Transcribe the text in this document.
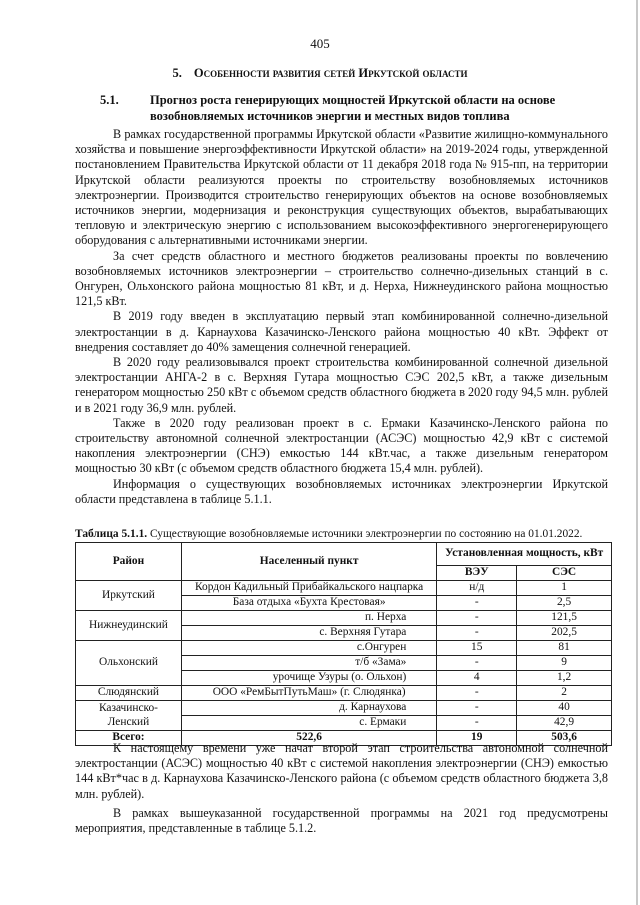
405
5. Особенности развития сетей Иркутской области
5.1.	Прогноз роста генерирующих мощностей Иркутской области на основе
возобновляемых источников энергии и местных видов топлива

В рамках государственной программы Иркутской области «Развитие жилищно-коммунального хозяйства и повышение энергоэффективности Иркутской области» на 2019-2024 годы, утвержденной постановлением Правительства Иркутской области от 11 декабря 2018 года № 915-пп, на территории Иркутской области реализуются проекты по строительству возобновляемых источников электроэнергии. Производится строительство генерирующих объектов на основе возобновляемых источников энергии, модернизация и реконструкция существующих объектов, вырабатывающих тепловую и электрическую энергию с использованием высокоэффективного энергогенерирующего оборудования с альтернативными источниками энергии.

За счет средств областного и местного бюджетов реализованы проекты по вовлечению возобновляемых источников электроэнергии – строительство солнечно-дизельных станций в с. Онгурен, Ольхонского района мощностью 81 кВт, и д. Нерха, Нижнеудинского района мощностью 121,5 кВт.

В 2019 году введен в эксплуатацию первый этап комбинированной солнечно-дизельной электростанции в д. Карнаухова Казачинско-Ленского района мощностью 40 кВт. Эффект от внедрения составляет до 40% замещения солнечной генерацией.

В 2020 году реализовывался проект строительства комбинированной солнечной дизельной электростанции АНГА-2 в с. Верхняя Гутара мощностью СЭС 202,5 кВт, а также дизельным генератором мощностью 250 кВт с объемом средств областного бюджета в 2020 году 94,5 млн. рублей и в 2021 году 36,9 млн. рублей.

Также в 2020 году реализован проект в с. Ермаки Казачинско-Ленского района по строительству автономной солнечной электростанции (АСЭС) мощностью 42,9 кВт с системой накопления электроэнергии (СНЭ) емкостью 144 кВт.час, а также дизельным генератором мощностью 30 кВт (с объемом средств областного бюджета 15,4 млн. рублей).

Информация о существующих возобновляемых источниках электроэнергии Иркутской области представлена в таблице 5.1.1.

Таблица 5.1.1. Существующие возобновляемые источники электроэнергии по состоянию на 01.01.2022.
Район	Населенный пункт	Установленная мощность, кВт	
		ВЭУ	СЭС
Иркутский	Кордон Кадильный Прибайкальского нацпарка	н/д	1
	База отдыха «Бухта Крестовая»	-	2,5
Нижнеудинский	п. Нерха	-	121,5
	с. Верхняя Гутара	-	202,5
Ольхонский	с.Онгурен	15	81
	т/б «Зама»	-	9
	урочище Узуры (о. Ольхон)	4	1,2
Слюдянский	ООО «РемБытПутьМаш» (г. Слюдянка)	-	2
Казачинско-Ленский	д. Карнаухова	-	40
	с. Ермаки	-	42,9
Всего:	522,6	19	503,6

К настоящему времени уже начат второй этап строительства автономной солнечной электростанции (АСЭС) мощностью 40 кВт с системой накопления электроэнергии (СНЭ) емкостью 144 кВт*час в д. Карнаухова Казачинско-Ленского района (с объемом средств областного бюджета 3,8 млн. рублей).

В рамках вышеуказанной государственной программы на 2021 год предусмотрены мероприятия, представленные в таблице 5.1.2.
